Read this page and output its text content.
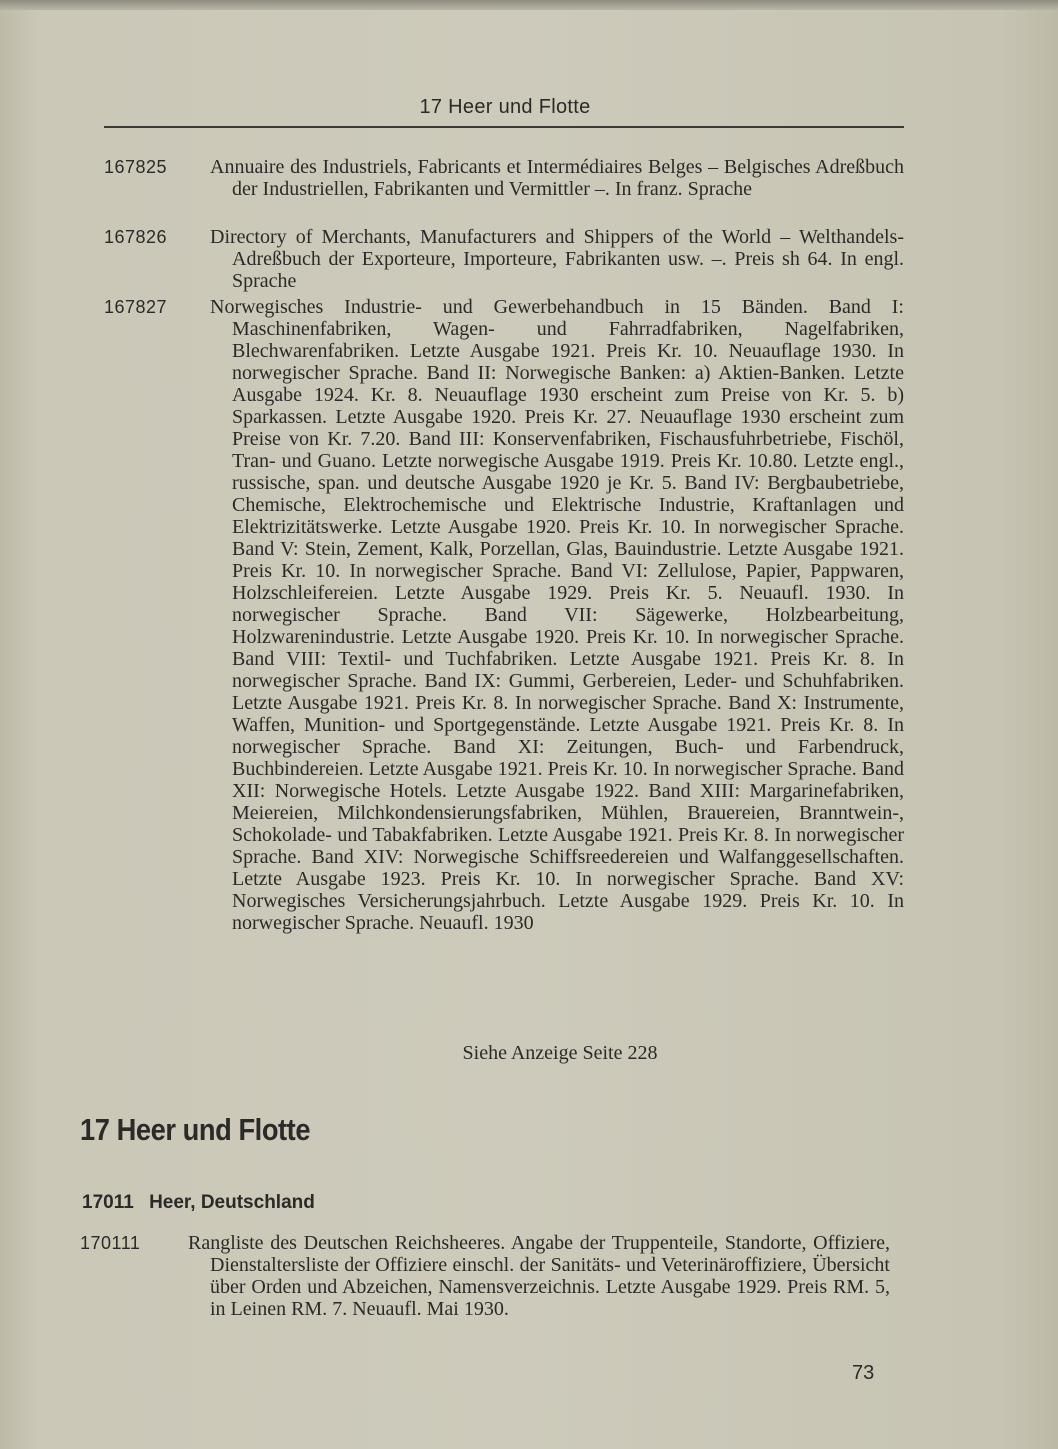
17 Heer und Flotte
167825 Annuaire des Industriels, Fabricants et Intermédiaires Belges – Belgisches Adreßbuch der Industriellen, Fabrikanten und Vermittler –. In franz. Sprache
167826 Directory of Merchants, Manufacturers and Shippers of the World – Welthandels-Adreßbuch der Exporteure, Importeure, Fabrikanten usw. –. Preis sh 64. In engl. Sprache
167827 Norwegisches Industrie- und Gewerbehandbuch in 15 Bänden. Band I: Maschinenfabriken, Wagen- und Fahrradfabriken, Nagelfabriken, Blechwarenfabriken. Letzte Ausgabe 1921. Preis Kr. 10. Neuauflage 1930. In norwegischer Sprache. Band II: Norwegische Banken: a) Aktien-Banken. Letzte Ausgabe 1924. Kr. 8. Neuauflage 1930 erscheint zum Preise von Kr. 5. b) Sparkassen. Letzte Ausgabe 1920. Preis Kr. 27. Neuauflage 1930 erscheint zum Preise von Kr. 7.20. Band III: Konservenfabriken, Fischausfuhrbetriebe, Fischöl, Tran- und Guano. Letzte norwegische Ausgabe 1919. Preis Kr. 10.80. Letzte engl., russische, span. und deutsche Ausgabe 1920 je Kr. 5. Band IV: Bergbaubetriebe, Chemische, Elektrochemische und Elektrische Industrie, Kraftanlagen und Elektrizitätswerke. Letzte Ausgabe 1920. Preis Kr. 10. In norwegischer Sprache. Band V: Stein, Zement, Kalk, Porzellan, Glas, Bauindustrie. Letzte Ausgabe 1921. Preis Kr. 10. In norwegischer Sprache. Band VI: Zellulose, Papier, Pappwaren, Holzschleifereien. Letzte Ausgabe 1929. Preis Kr. 5. Neuaufl. 1930. In norwegischer Sprache. Band VII: Sägewerke, Holzbearbeitung, Holzwarenindustrie. Letzte Ausgabe 1920. Preis Kr. 10. In norwegischer Sprache. Band VIII: Textil- und Tuchfabriken. Letzte Ausgabe 1921. Preis Kr. 8. In norwegischer Sprache. Band IX: Gummi, Gerbereien, Leder- und Schuhfabriken. Letzte Ausgabe 1921. Preis Kr. 8. In norwegischer Sprache. Band X: Instrumente, Waffen, Munition- und Sportgegenstände. Letzte Ausgabe 1921. Preis Kr. 8. In norwegischer Sprache. Band XI: Zeitungen, Buch- und Farbendruck, Buchbindereien. Letzte Ausgabe 1921. Preis Kr. 10. In norwegischer Sprache. Band XII: Norwegische Hotels. Letzte Ausgabe 1922. Band XIII: Margarinefabriken, Meiereien, Milchkondensierungsfabriken, Mühlen, Brauereien, Branntwein-, Schokolade- und Tabakfabriken. Letzte Ausgabe 1921. Preis Kr. 8. In norwegischer Sprache. Band XIV: Norwegische Schiffsreedereien und Walfanggesellschaften. Letzte Ausgabe 1923. Preis Kr. 10. In norwegischer Sprache. Band XV: Norwegisches Versicherungsjahrbuch. Letzte Ausgabe 1929. Preis Kr. 10. In norwegischer Sprache. Neuaufl. 1930
Siehe Anzeige Seite 228
17 Heer und Flotte
17011 Heer, Deutschland
170111 Rangliste des Deutschen Reichsheeres. Angabe der Truppenteile, Standorte, Offiziere, Dienstaltersliste der Offiziere einschl. der Sanitäts- und Veterinäroffiziere, Übersicht über Orden und Abzeichen, Namensverzeichnis. Letzte Ausgabe 1929. Preis RM. 5, in Leinen RM. 7. Neuaufl. Mai 1930.
73
